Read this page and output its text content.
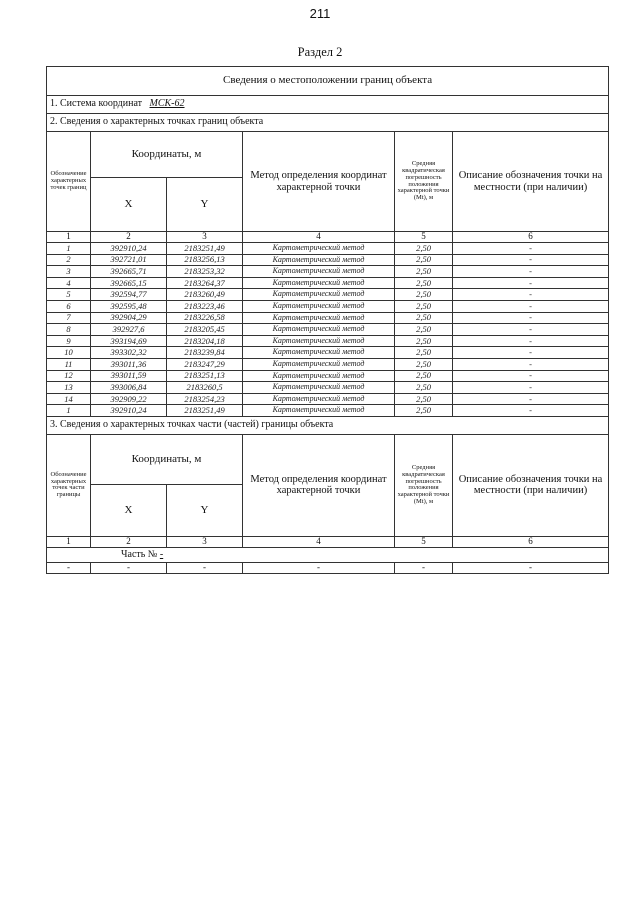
211
Раздел 2
Сведения о местоположении границ объекта					
1. Система координат МСК-62					
2. Сведения о характерных точках границ объекта					
Обозначение характерных точек границ	Координаты, м		Метод определения координат характерной точки	Средняя квадратическая погрешность положения характерной точки (Mt), м	Описание обозначения точки на местности (при наличии)
	X	Y			
1	2	3	4	5	6
1	392910,24	2183251,49	Картометрический метод	2,50	-
2	392721,01	2183256,13	Картометрический метод	2,50	-
3	392665,71	2183253,32	Картометрический метод	2,50	-
4	392665,15	2183264,37	Картометрический метод	2,50	-
5	392594,77	2183260,49	Картометрический метод	2,50	-
6	392595,48	2183223,46	Картометрический метод	2,50	-
7	392904,29	2183226,58	Картометрический метод	2,50	-
8	392927,6	2183205,45	Картометрический метод	2,50	-
9	393194,69	2183204,18	Картометрический метод	2,50	-
10	393302,32	2183239,84	Картометрический метод	2,50	-
11	393011,36	2183247,29	Картометрический метод	2,50	-
12	393011,59	2183251,13	Картометрический метод	2,50	-
13	393006,84	2183260,5	Картометрический метод	2,50	-
14	392909,22	2183254,23	Картометрический метод	2,50	-
1	392910,24	2183251,49	Картометрический метод	2,50	-
3. Сведения о характерных точках части (частей) границы объекта					
Обозначение характерных точек части границы	Координаты, м		Метод определения координат характерной точки	Средняя квадратическая погрешность положения характерной точки (Mt), м	Описание обозначения точки на местности (при наличии)
	X	Y			
1	2	3	4	5	6
Часть № -					
-	-	-	-	-	-
